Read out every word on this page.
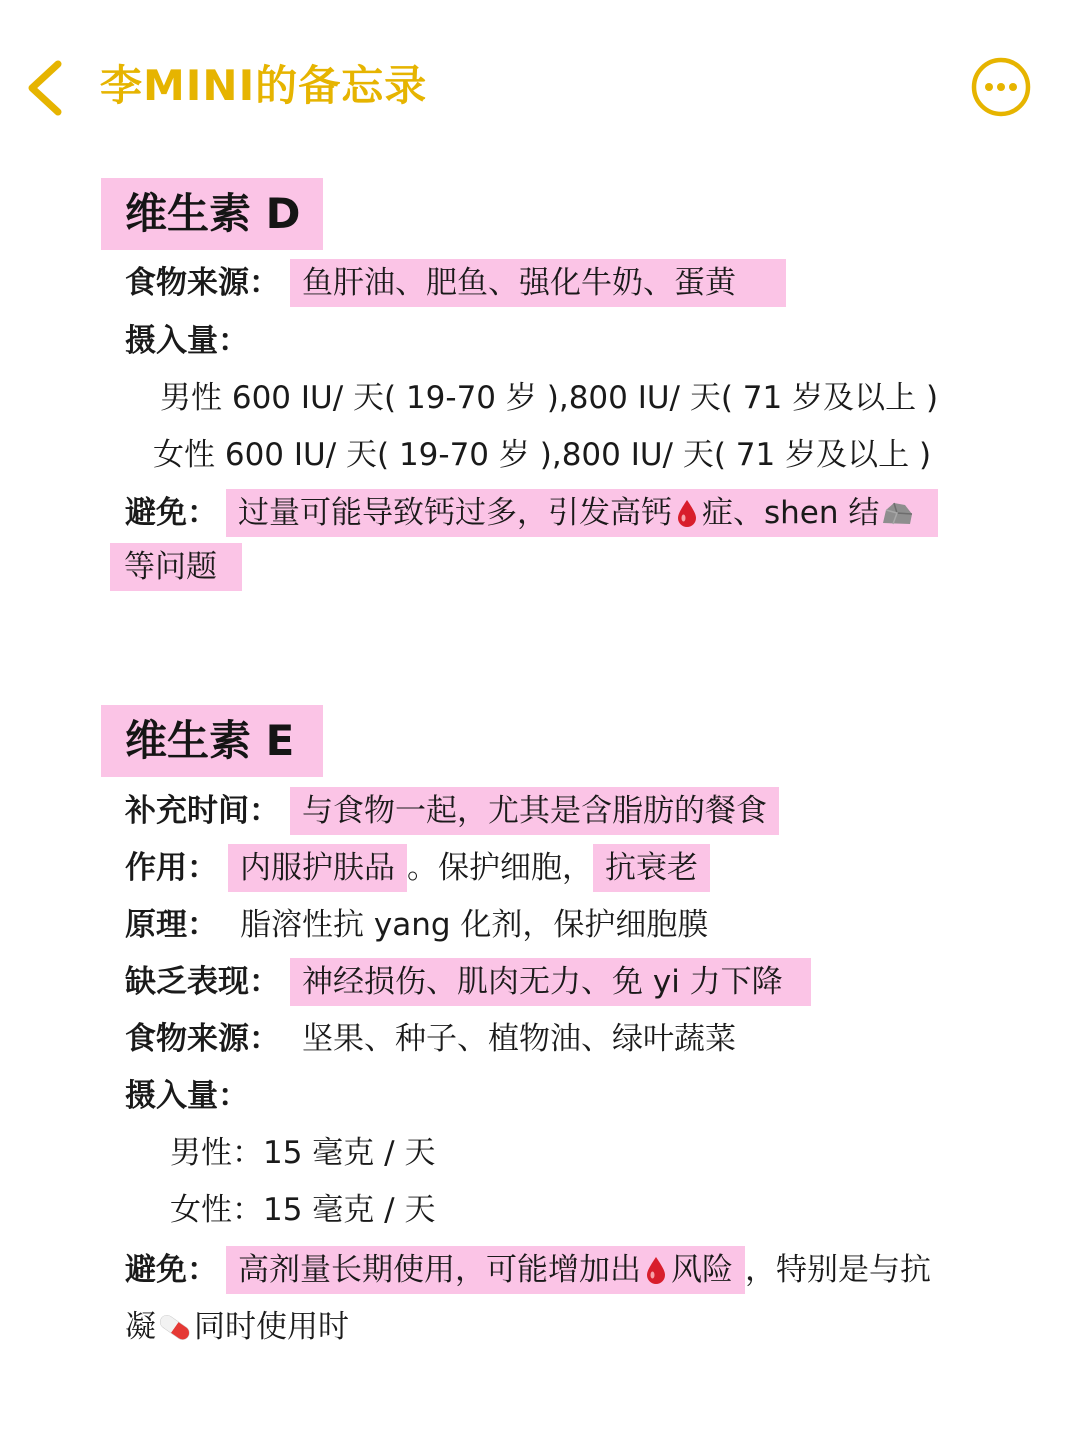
李MINI的备忘录
维生素 D
食物来源： 鱼肝油、肥鱼、强化牛奶、蛋黄
摄入量：
男性 600 IU/ 天( 19-70 岁 ),800 IU/ 天( 71 岁及以上 )
女性 600 IU/ 天( 19-70 岁 ),800 IU/ 天( 71 岁及以上 )
避免： 过量可能导致钙过多，引发高钙 症、shen 结
等问题
维生素 E
补充时间： 与食物一起，尤其是含脂肪的餐食
作用： 内服护肤品 。保护细胞， 抗衰老
原理： 脂溶性抗 yang 化剂，保护细胞膜
缺乏表现： 神经损伤、肌肉无力、免 yi 力下降
食物来源： 坚果、种子、植物油、绿叶蔬菜
摄入量：
男性：15 毫克 / 天
女性：15 毫克 / 天
避免： 高剂量长期使用，可能增加出 风险 ，特别是与抗
凝 同时使用时
